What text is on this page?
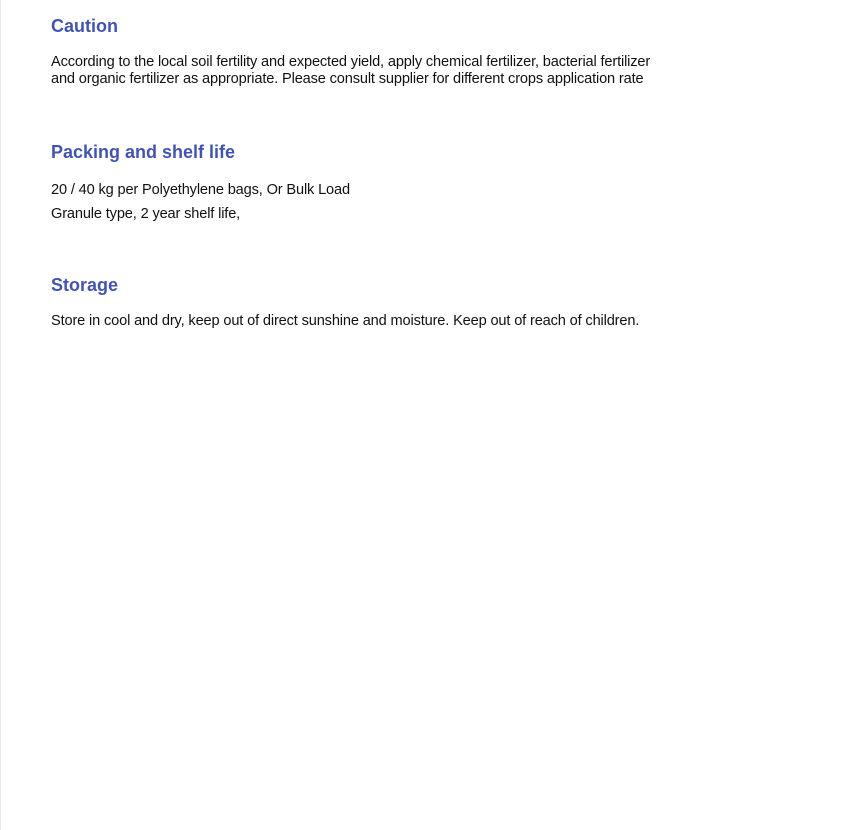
Caution

According to the local soil fertility and expected yield, apply chemical fertilizer, bacterial fertilizer
and organic fertilizer as appropriate. Please consult supplier for different crops application rate

Packing and shelf life

20 / 40 kg per Polyethylene bags, Or Bulk Load
Granule type, 2 year shelf life,

Storage

Store in cool and dry, keep out of direct sunshine and moisture. Keep out of reach of children.
